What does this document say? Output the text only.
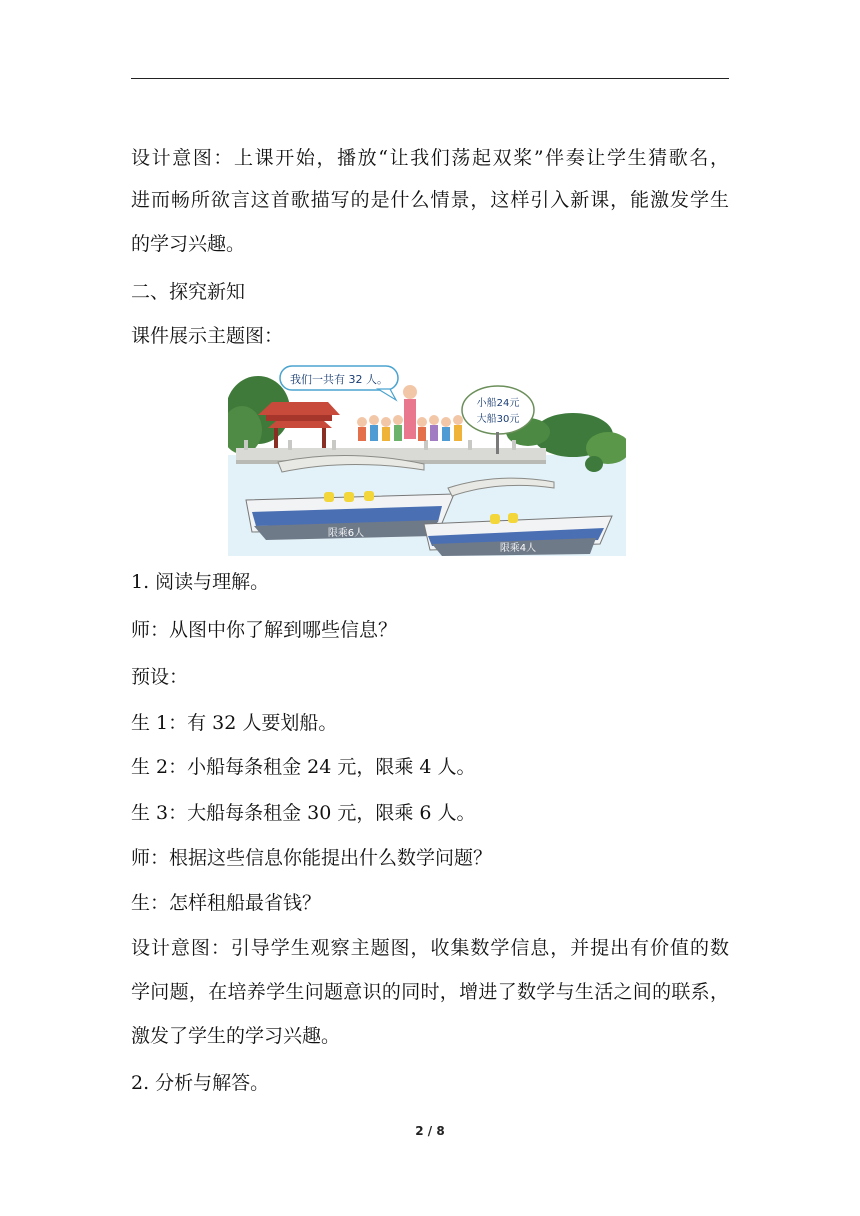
设计意图：上课开始，播放“让我们荡起双桨”伴奏让学生猜歌名，
进而畅所欲言这首歌描写的是什么情景，这样引入新课，能激发学生
的学习兴趣。
二、探究新知
课件展示主题图：
我们一共有 32 人。
小船24元
大船30元
限乘6人
限乘4人
1. 阅读与理解。
师：从图中你了解到哪些信息？
预设：
生 1：有 32 人要划船。
生 2：小船每条租金 24 元，限乘 4 人。
生 3：大船每条租金 30 元，限乘 6 人。
师：根据这些信息你能提出什么数学问题？
生：怎样租船最省钱？
设计意图：引导学生观察主题图，收集数学信息，并提出有价值的数
学问题，在培养学生问题意识的同时，增进了数学与生活之间的联系，
激发了学生的学习兴趣。
2. 分析与解答。
2 / 8
